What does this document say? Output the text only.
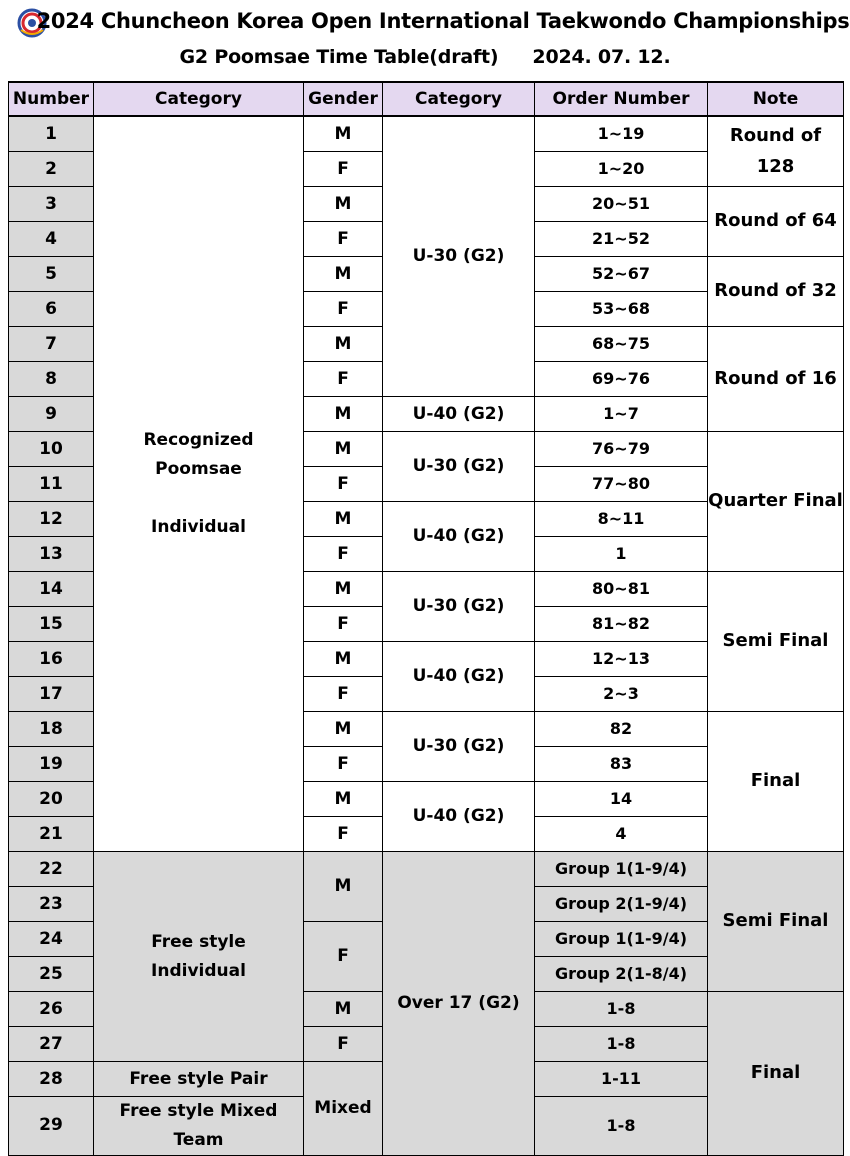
2024 Chuncheon Korea Open International Taekwondo Championships
G2 Poomsae Time Table(draft) 2024. 07. 12.
Number	Category	Gender	Category	Order Number	Note
1	Recognized
Poomsae
Individual	M	U-30 (G2)	1~19	Round of 128
2		F		1~20	
3		M		20~51	Round of 64
4		F		21~52	
5		M		52~67	Round of 32
6		F		53~68	
7		M		68~75	Round of 16
8		F		69~76	
9		M	U-40 (G2)	1~7	
10		M	U-30 (G2)	76~79	Quarter Final
11		F		77~80	
12		M	U-40 (G2)	8~11	
13		F		1	
14		M	U-30 (G2)	80~81	Semi Final
15		F		81~82	
16		M	U-40 (G2)	12~13	
17		F		2~3	
18		M	U-30 (G2)	82	Final
19		F		83	
20		M	U-40 (G2)	14	
21		F		4	
22	Free style
Individual	M	Over 17 (G2)	Group 1(1-9/4)	Semi Final
23				Group 2(1-9/4)	
24		F		Group 1(1-9/4)	
25				Group 2(1-8/4)	
26		M		1-8	Final
27		F		1-8	
28	Free style Pair	Mixed		1-11	
29	Free style Mixed Team			1-8	
